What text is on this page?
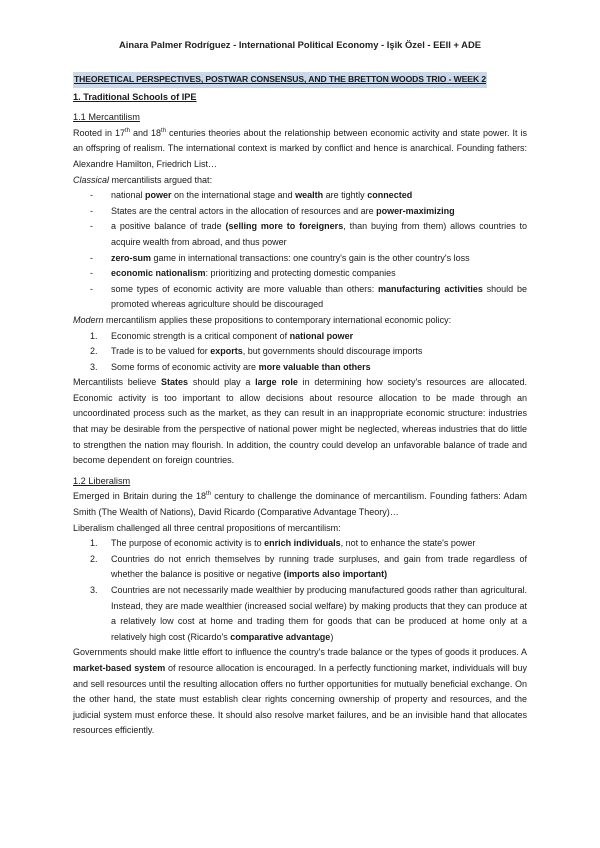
Ainara Palmer Rodríguez - International Political Economy - Işik Özel - EEII + ADE
THEORETICAL PERSPECTIVES, POSTWAR CONSENSUS, AND THE BRETTON WOODS TRIO - WEEK 2
1. Traditional Schools of IPE
1.1 Mercantilism
Rooted in 17th and 18th centuries theories about the relationship between economic activity and state power. It is an offspring of realism. The international context is marked by conflict and hence is anarchical. Founding fathers: Alexandre Hamilton, Friedrich List…
Classical mercantilists argued that:
- national power on the international stage and wealth are tightly connected
- States are the central actors in the allocation of resources and are power-maximizing
- a positive balance of trade (selling more to foreigners, than buying from them) allows countries to acquire wealth from abroad, and thus power
- zero-sum game in international transactions: one country's gain is the other country's loss
- economic nationalism: prioritizing and protecting domestic companies
- some types of economic activity are more valuable than others: manufacturing activities should be promoted whereas agriculture should be discouraged
Modern mercantilism applies these propositions to contemporary international economic policy:
1. Economic strength is a critical component of national power
2. Trade is to be valued for exports, but governments should discourage imports
3. Some forms of economic activity are more valuable than others
Mercantilists believe States should play a large role in determining how society's resources are allocated. Economic activity is too important to allow decisions about resource allocation to be made through an uncoordinated process such as the market, as they can result in an inappropriate economic structure: industries that may be desirable from the perspective of national power might be neglected, whereas industries that do little to strengthen the nation may flourish. In addition, the country could develop an unfavorable balance of trade and become dependent on foreign countries.
1.2 Liberalism
Emerged in Britain during the 18th century to challenge the dominance of mercantilism. Founding fathers: Adam Smith (The Wealth of Nations), David Ricardo (Comparative Advantage Theory)…
Liberalism challenged all three central propositions of mercantilism:
1. The purpose of economic activity is to enrich individuals, not to enhance the state's power
2. Countries do not enrich themselves by running trade surpluses, and gain from trade regardless of whether the balance is positive or negative (imports also important)
3. Countries are not necessarily made wealthier by producing manufactured goods rather than agricultural. Instead, they are made wealthier (increased social welfare) by making products that they can produce at a relatively low cost at home and trading them for goods that can be produced at home only at a relatively high cost (Ricardo's comparative advantage)
Governments should make little effort to influence the country's trade balance or the types of goods it produces. A market-based system of resource allocation is encouraged. In a perfectly functioning market, individuals will buy and sell resources until the resulting allocation offers no further opportunities for mutually beneficial exchange. On the other hand, the state must establish clear rights concerning ownership of property and resources, and the judicial system must enforce these. It should also resolve market failures, and be an invisible hand that allocates resources efficiently.
